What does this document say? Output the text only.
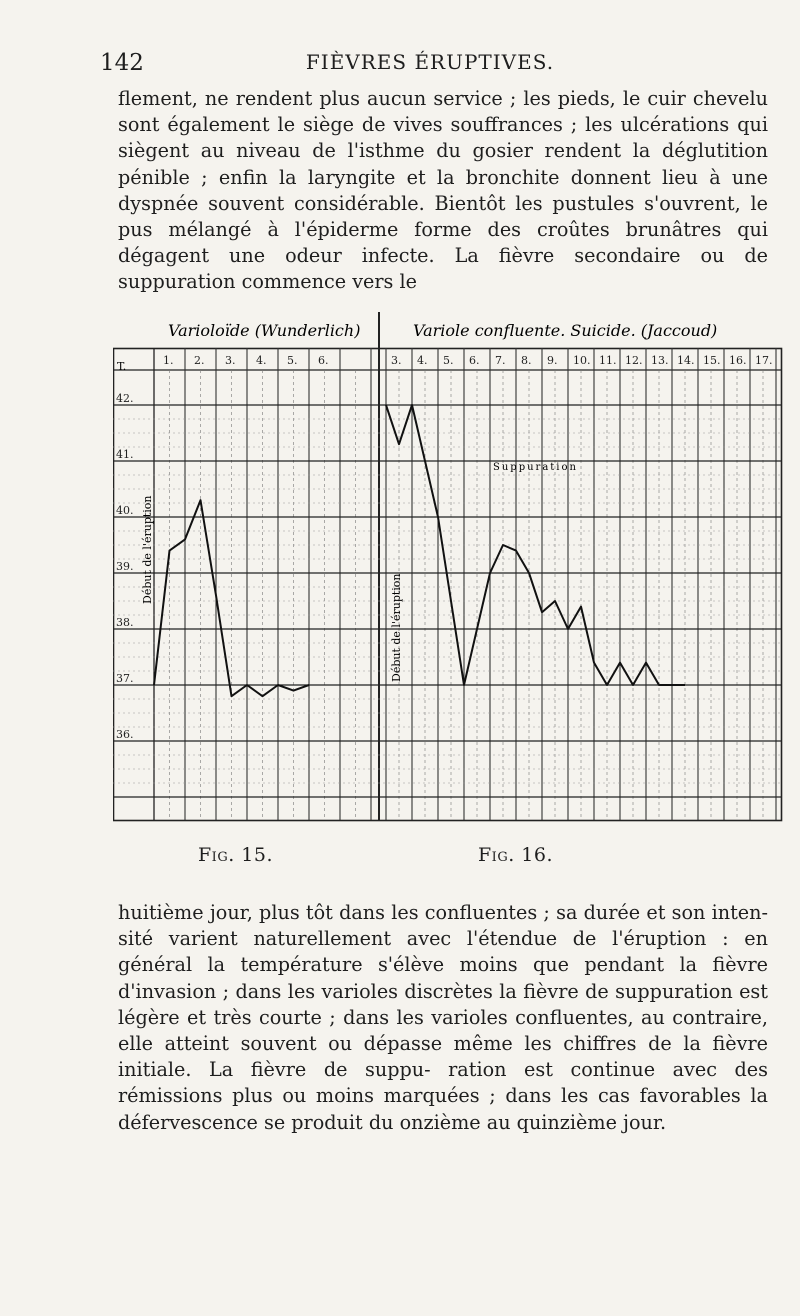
142	FIÈVRES ÉRUPTIVES.

flement, ne rendent plus aucun service ; les pieds, le cuir chevelu sont également le siège de vives souffrances ; les ulcérations qui siègent au niveau de l'isthme du gosier rendent la déglutition pénible ; enfin la laryngite et la bronchite donnent lieu à une dyspnée souvent considérable. Bientôt les pustules s'ouvrent, le pus mélangé à l'épiderme forme des croûtes brunâtres qui dégagent une odeur infecte. La fièvre secondaire ou de suppuration commence vers le

Varioloïde (Wunderlich)	Variole confluente. Suicide. (Jaccoud)
T.
Début de l'éruption
Début de l'éruption
Suppuration
42.
41.
40.
39.
38.
37.
36.
1. 2. 3. 4. 5. 6.	3. 4. 5. 6. 7. 8. 9. 10. 11. 12. 13. 14. 15. 16. 17.
Fig. 15.	Fig. 16.

huitième jour, plus tôt dans les confluentes ; sa durée et son inten- sité varient naturellement avec l'étendue de l'éruption : en général la température s'élève moins que pendant la fièvre d'invasion ; dans les varioles discrètes la fièvre de suppuration est légère et très courte ; dans les varioles confluentes, au contraire, elle atteint souvent ou dépasse même les chiffres de la fièvre initiale. La fièvre de suppu- ration est continue avec des rémissions plus ou moins marquées ; dans les cas favorables la défervescence se produit du onzième au quinzième jour.
